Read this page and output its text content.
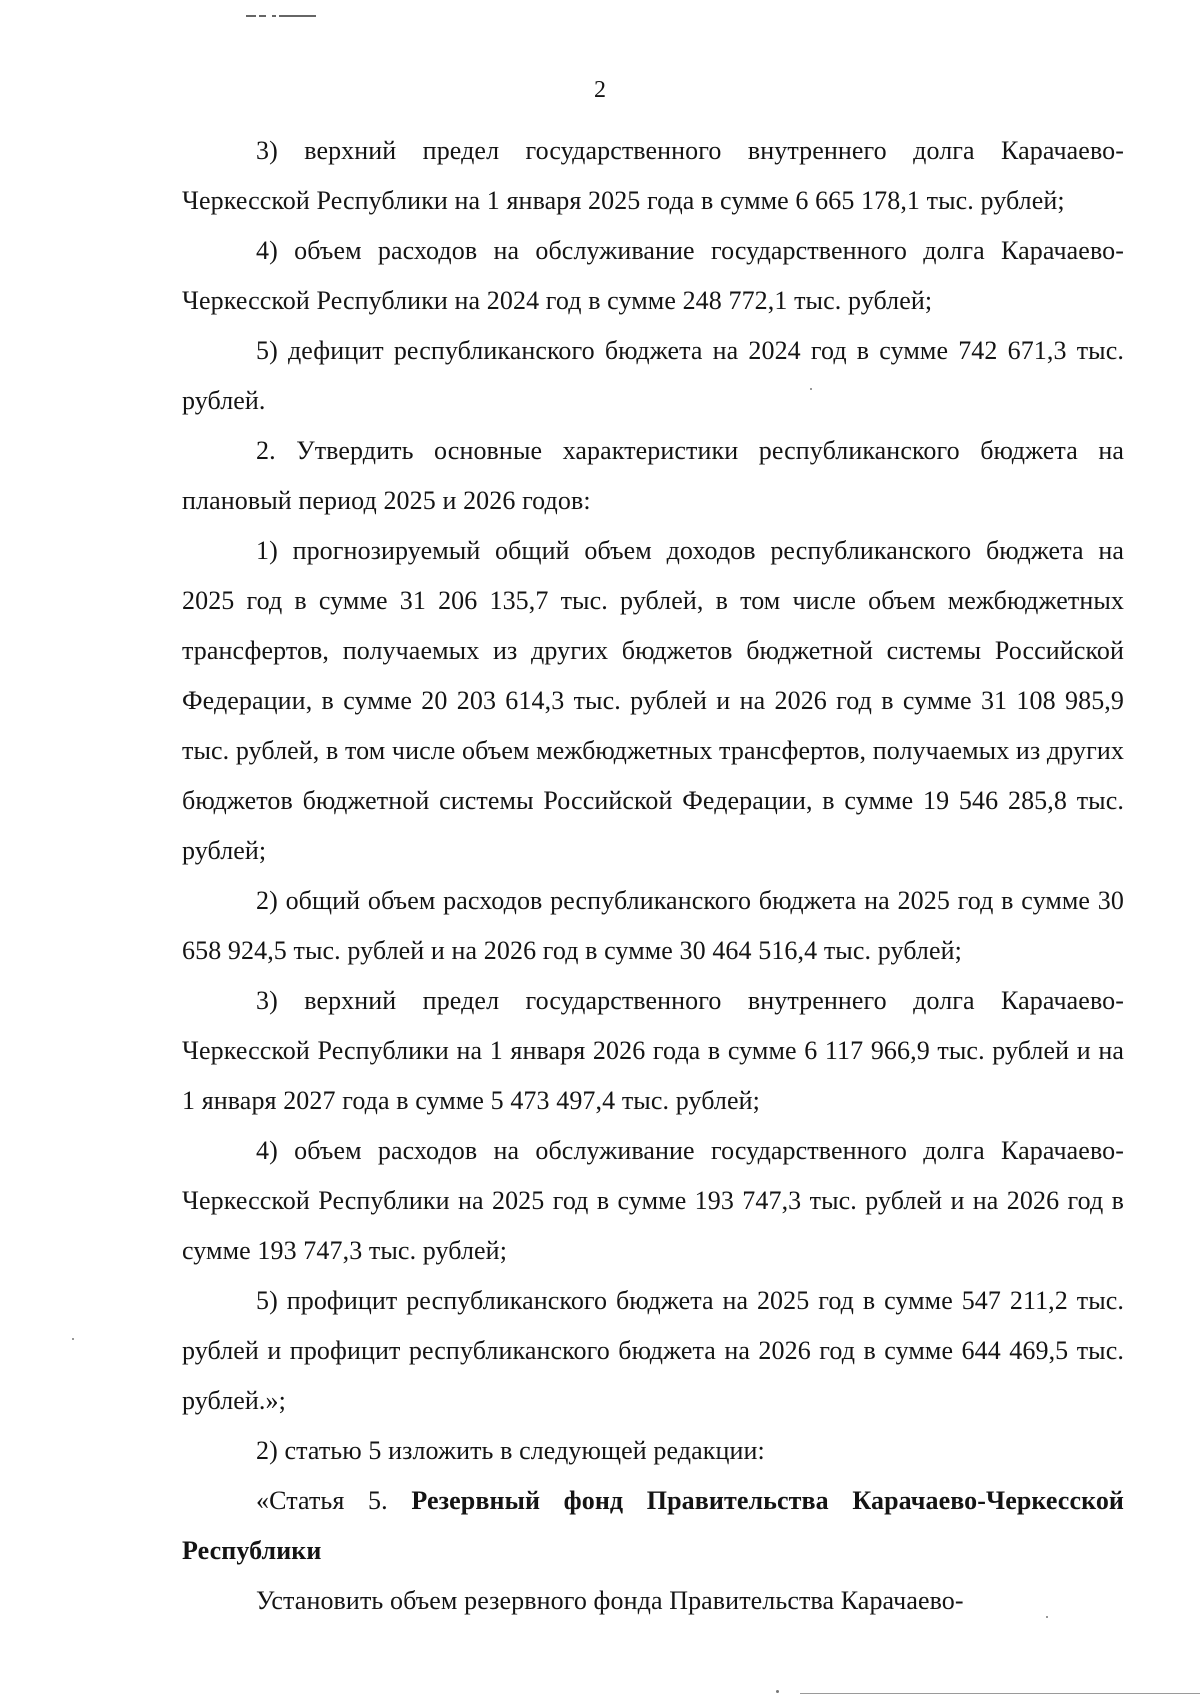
2

3) верхний предел государственного внутреннего долга Карачаево-Черкесской Республики на 1 января 2025 года в сумме 6 665 178,1 тыс. рублей;

4) объем расходов на обслуживание государственного долга Карачаево-Черкесской Республики на 2024 год в сумме 248 772,1 тыс. рублей;

5) дефицит республиканского бюджета на 2024 год в сумме 742 671,3 тыс. рублей.

2. Утвердить основные характеристики республиканского бюджета на плановый период 2025 и 2026 годов:

1) прогнозируемый общий объем доходов республиканского бюджета на 2025 год в сумме 31 206 135,7 тыс. рублей, в том числе объем межбюджетных трансфертов, получаемых из других бюджетов бюджетной системы Российской Федерации, в сумме 20 203 614,3 тыс. рублей и на 2026 год в сумме 31 108 985,9 тыс. рублей, в том числе объем межбюджетных трансфертов, получаемых из других бюджетов бюджетной системы Российской Федерации, в сумме 19 546 285,8 тыс. рублей;

2) общий объем расходов республиканского бюджета на 2025 год в сумме 30 658 924,5 тыс. рублей и на 2026 год в сумме 30 464 516,4 тыс. рублей;

3) верхний предел государственного внутреннего долга Карачаево-Черкесской Республики на 1 января 2026 года в сумме 6 117 966,9 тыс. рублей и на 1 января 2027 года в сумме 5 473 497,4 тыс. рублей;

4) объем расходов на обслуживание государственного долга Карачаево-Черкесской Республики на 2025 год в сумме 193 747,3 тыс. рублей и на 2026 год в сумме 193 747,3 тыс. рублей;

5) профицит республиканского бюджета на 2025 год в сумме 547 211,2 тыс. рублей и профицит республиканского бюджета на 2026 год в сумме 644 469,5 тыс. рублей.»;

2) статью 5 изложить в следующей редакции:

«Статья 5. Резервный фонд Правительства Карачаево-Черкесской Республики

Установить объем резервного фонда Правительства Карачаево-
